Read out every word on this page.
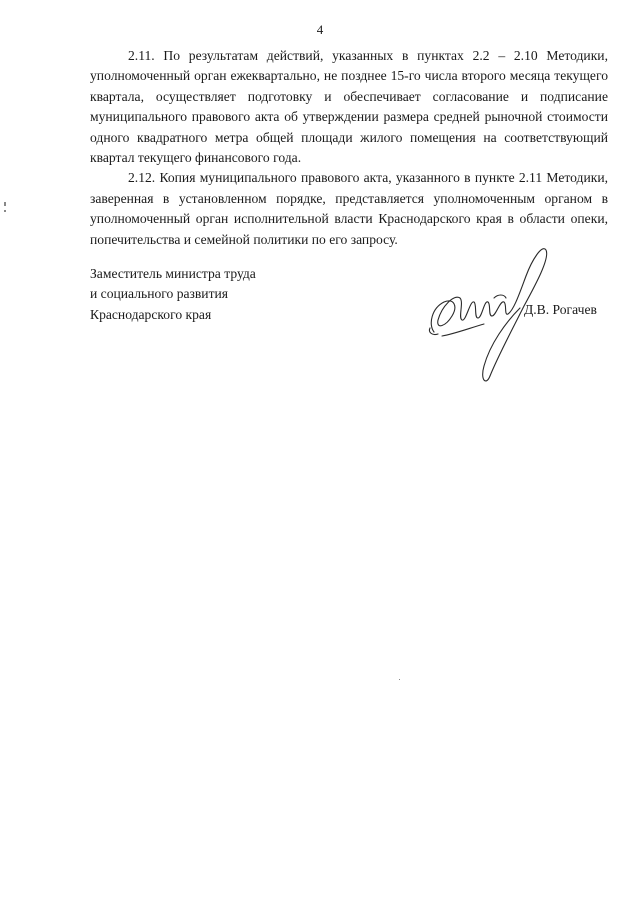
4

2.11. По результатам действий, указанных в пунктах 2.2 – 2.10 Методики, уполномоченный орган ежеквартально, не позднее 15-го числа второго месяца текущего квартала, осуществляет подготовку и обеспечивает согласование и подписание муниципального правового акта об утверждении размера средней рыночной стоимости одного квадратного метра общей площади жилого помещения на соответствующий квартал текущего финансового года.

2.12. Копия муниципального правового акта, указанного в пункте 2.11 Методики, заверенная в установленном порядке, представляется уполномоченным органом в уполномоченный орган исполнительной власти Краснодарского края в области опеки, попечительства и семейной политики по его запросу.

Заместитель министра труда
и социального развития
Краснодарского края	Д.В. Рогачев
